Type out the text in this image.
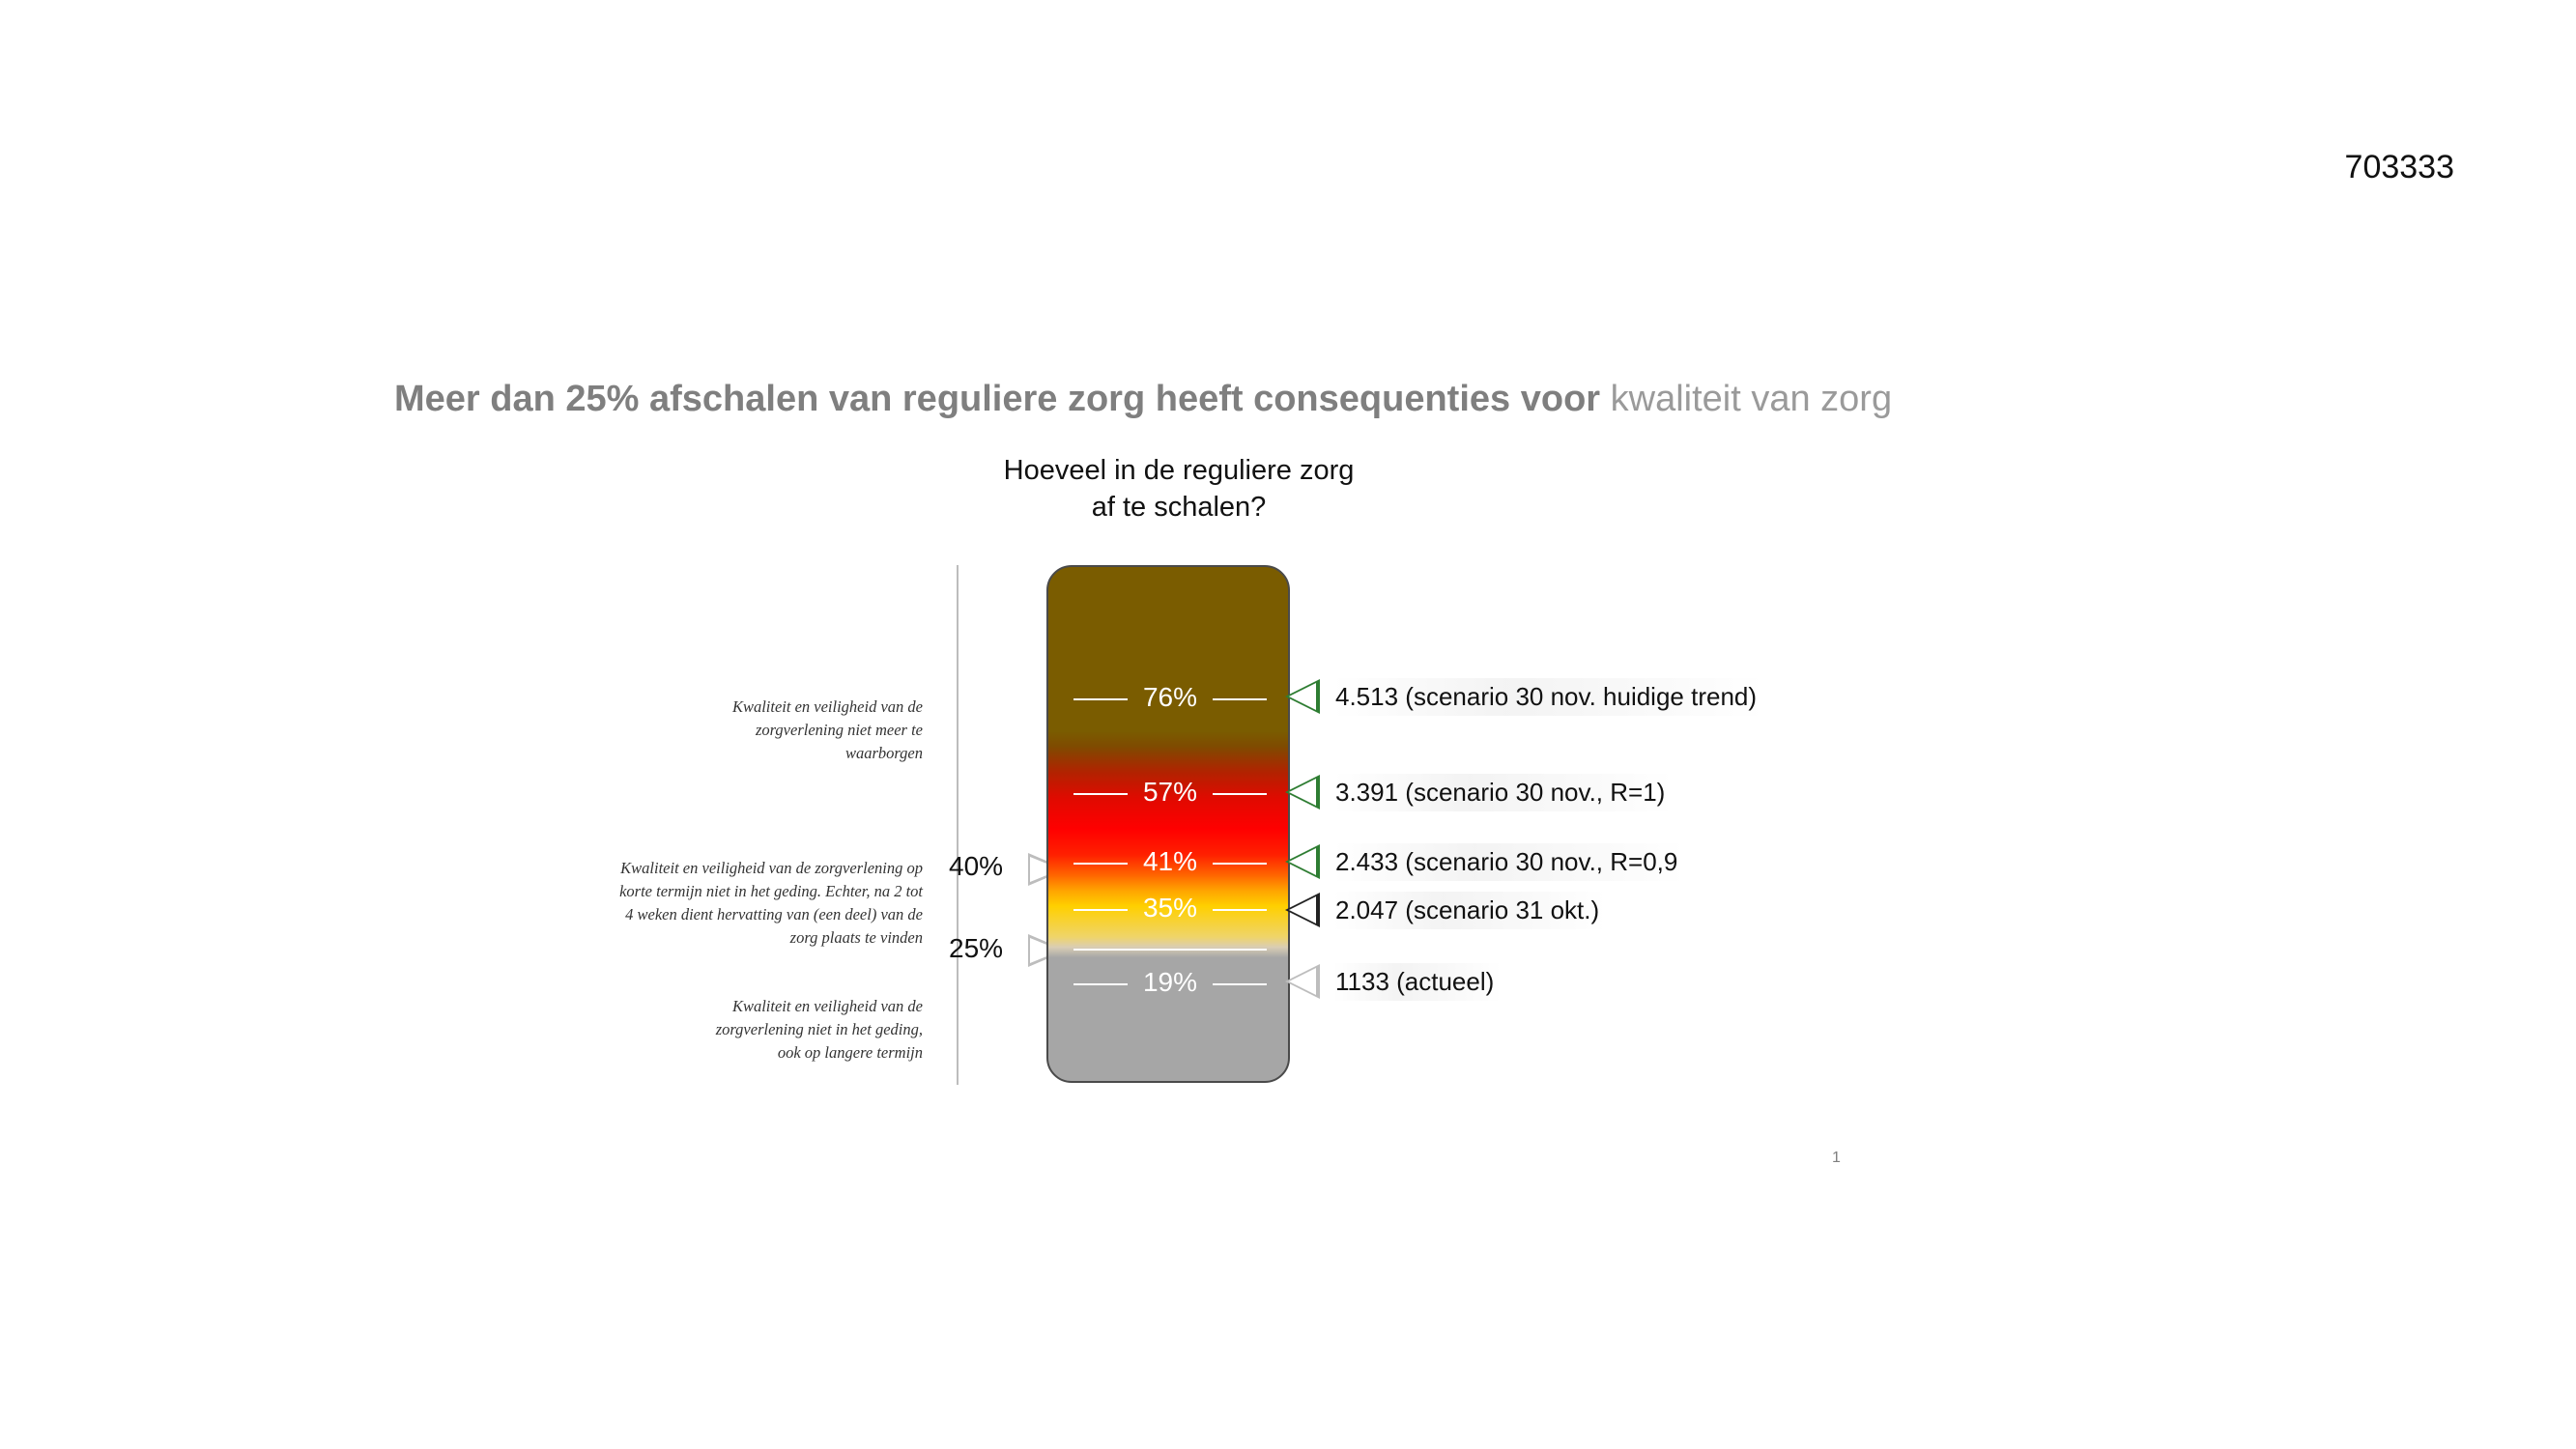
703333
Meer dan 25% afschalen van reguliere zorg heeft consequenties voor kwaliteit van zorg
Hoeveel in de reguliere zorg
af te schalen?
Kwaliteit en veiligheid van de
zorgverlening niet meer te
waarborgen
Kwaliteit en veiligheid van de zorgverlening op
korte termijn niet in het geding. Echter, na 2 tot
4 weken dient hervatting van (een deel) van de
zorg plaats te vinden
Kwaliteit en veiligheid van de
zorgverlening niet in het geding,
ook op langere termijn
40%
25%
76%
57%
41%
35%
19%
4.513 (scenario 30 nov. huidige trend)
3.391 (scenario 30 nov., R=1)
2.433 (scenario 30 nov., R=0,9
2.047 (scenario 31 okt.)
1133 (actueel)
1
